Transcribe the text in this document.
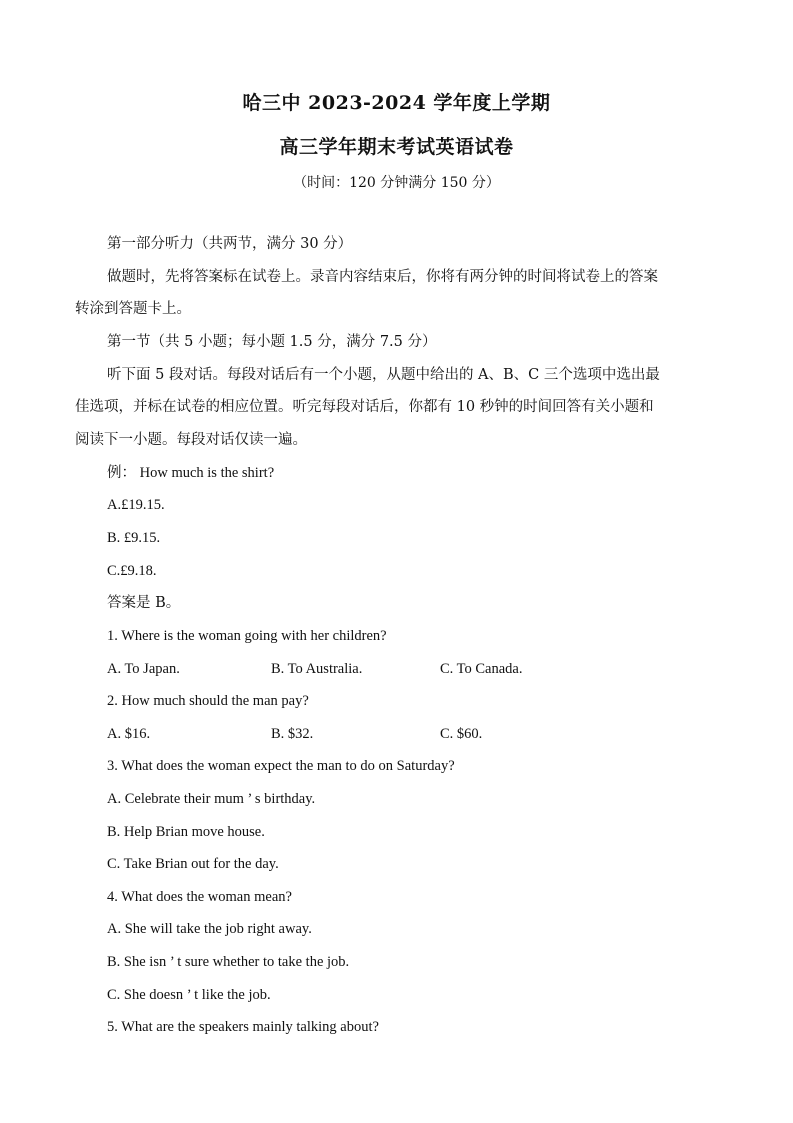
哈三中 2023-2024 学年度上学期
高三学年期末考试英语试卷
（时间：120 分钟满分 150 分）
第一部分听力（共两节，满分 30 分）
做题时，先将答案标在试卷上。录音内容结束后，你将有两分钟的时间将试卷上的答案
转涂到答题卡上。
第一节（共 5 小题；每小题 1.5 分，满分 7.5 分）
听下面 5 段对话。每段对话后有一个小题，从题中给出的 A、B、C 三个选项中选出最
佳选项，并标在试卷的相应位置。听完每段对话后，你都有 10 秒钟的时间回答有关小题和
阅读下一小题。每段对话仅读一遍。
例： How much is the shirt?
A.£19.15.
B. £9.15.
C.£9.18.
答案是 B。
1. Where is the woman going with her children?
A. To Japan.	B. To Australia.	C. To Canada.
2. How much should the man pay?
A. $16.	B. $32.	C. $60.
3. What does the woman expect the man to do on Saturday?
A. Celebrate their mum ’ s birthday.
B. Help Brian move house.
C. Take Brian out for the day.
4. What does the woman mean?
A. She will take the job right away.
B. She isn ’ t sure whether to take the job.
C. She doesn ’ t like the job.
5. What are the speakers mainly talking about?
